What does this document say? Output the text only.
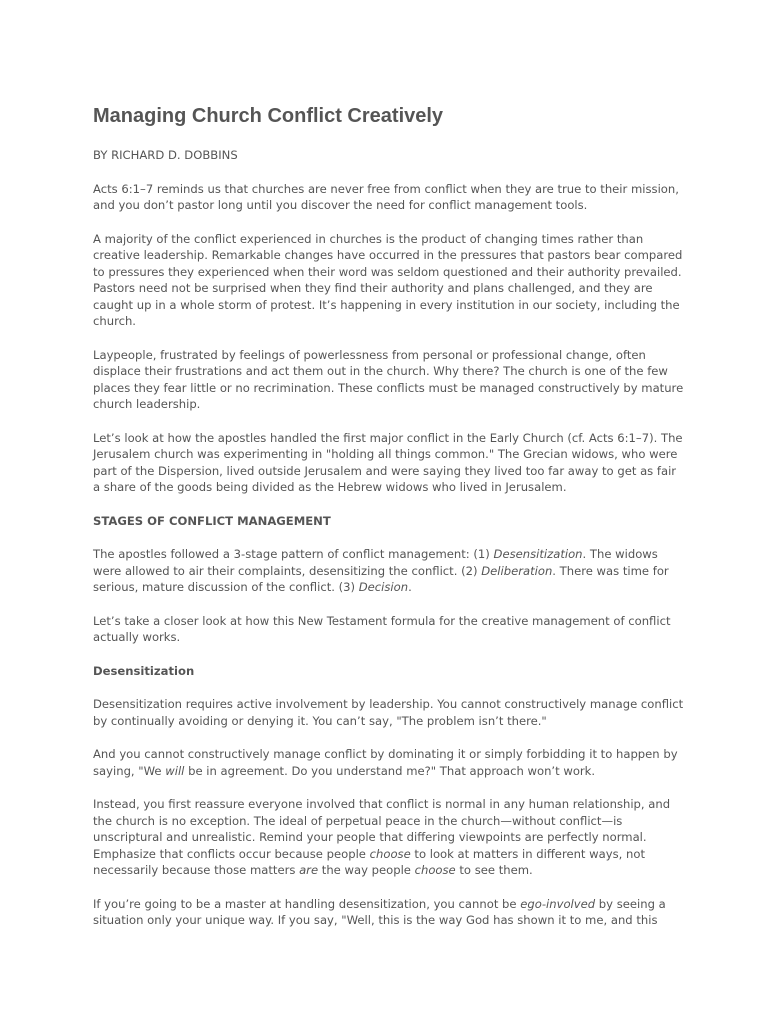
Managing Church Conflict Creatively
BY RICHARD D. DOBBINS

Acts 6:1–7 reminds us that churches are never free from conflict when they are true to their mission, and you don’t pastor long until you discover the need for conflict management tools.

A majority of the conflict experienced in churches is the product of changing times rather than creative leadership. Remarkable changes have occurred in the pressures that pastors bear compared to pressures they experienced when their word was seldom questioned and their authority prevailed. Pastors need not be surprised when they find their authority and plans challenged, and they are caught up in a whole storm of protest. It’s happening in every institution in our society, including the church.

Laypeople, frustrated by feelings of powerlessness from personal or professional change, often displace their frustrations and act them out in the church. Why there? The church is one of the few places they fear little or no recrimination. These conflicts must be managed constructively by mature church leadership.

Let’s look at how the apostles handled the first major conflict in the Early Church (cf. Acts 6:1–7). The Jerusalem church was experimenting in "holding all things common." The Grecian widows, who were part of the Dispersion, lived outside Jerusalem and were saying they lived too far away to get as fair a share of the goods being divided as the Hebrew widows who lived in Jerusalem.

STAGES OF CONFLICT MANAGEMENT

The apostles followed a 3-stage pattern of conflict management: (1) Desensitization. The widows were allowed to air their complaints, desensitizing the conflict. (2) Deliberation. There was time for serious, mature discussion of the conflict. (3) Decision.

Let’s take a closer look at how this New Testament formula for the creative management of conflict actually works.

Desensitization

Desensitization requires active involvement by leadership. You cannot constructively manage conflict by continually avoiding or denying it. You can’t say, "The problem isn’t there."

And you cannot constructively manage conflict by dominating it or simply forbidding it to happen by saying, "We will be in agreement. Do you understand me?" That approach won’t work.

Instead, you first reassure everyone involved that conflict is normal in any human relationship, and the church is no exception. The ideal of perpetual peace in the church—without conflict—is unscriptural and unrealistic. Remind your people that differing viewpoints are perfectly normal. Emphasize that conflicts occur because people choose to look at matters in different ways, not necessarily because those matters are the way people choose to see them.

If you’re going to be a master at handling desensitization, you cannot be ego-involved by seeing a situation only your unique way. If you say, "Well, this is the way God has shown it to me, and this
